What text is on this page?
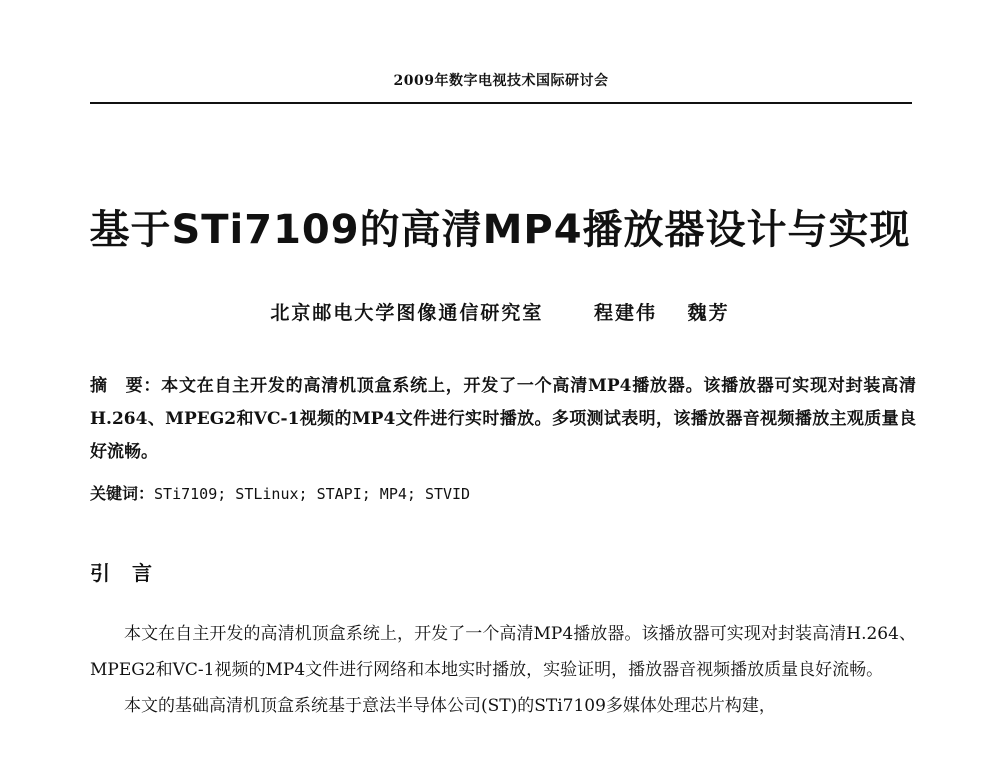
2009年数字电视技术国际研讨会
基于STi7109的高清MP4播放器设计与实现
北京邮电大学图像通信研究室	程建伟 魏芳
摘　要：本文在自主开发的高清机顶盒系统上，开发了一个高清MP4播放器。该播放器可实现对封装高清H.264、MPEG2和VC-1视频的MP4文件进行实时播放。多项测试表明，该播放器音视频播放主观质量良好流畅。
关键词：STi7109; STLinux; STAPI; MP4; STVID
引言

本文在自主开发的高清机顶盒系统上，开发了一个高清MP4播放器。该播放器可实现对封装高清H.264、MPEG2和VC-1视频的MP4文件进行网络和本地实时播放，实验证明，播放器音视频播放质量良好流畅。

本文的基础高清机顶盒系统基于意法半导体公司(ST)的STi7109多媒体处理芯片构建，
